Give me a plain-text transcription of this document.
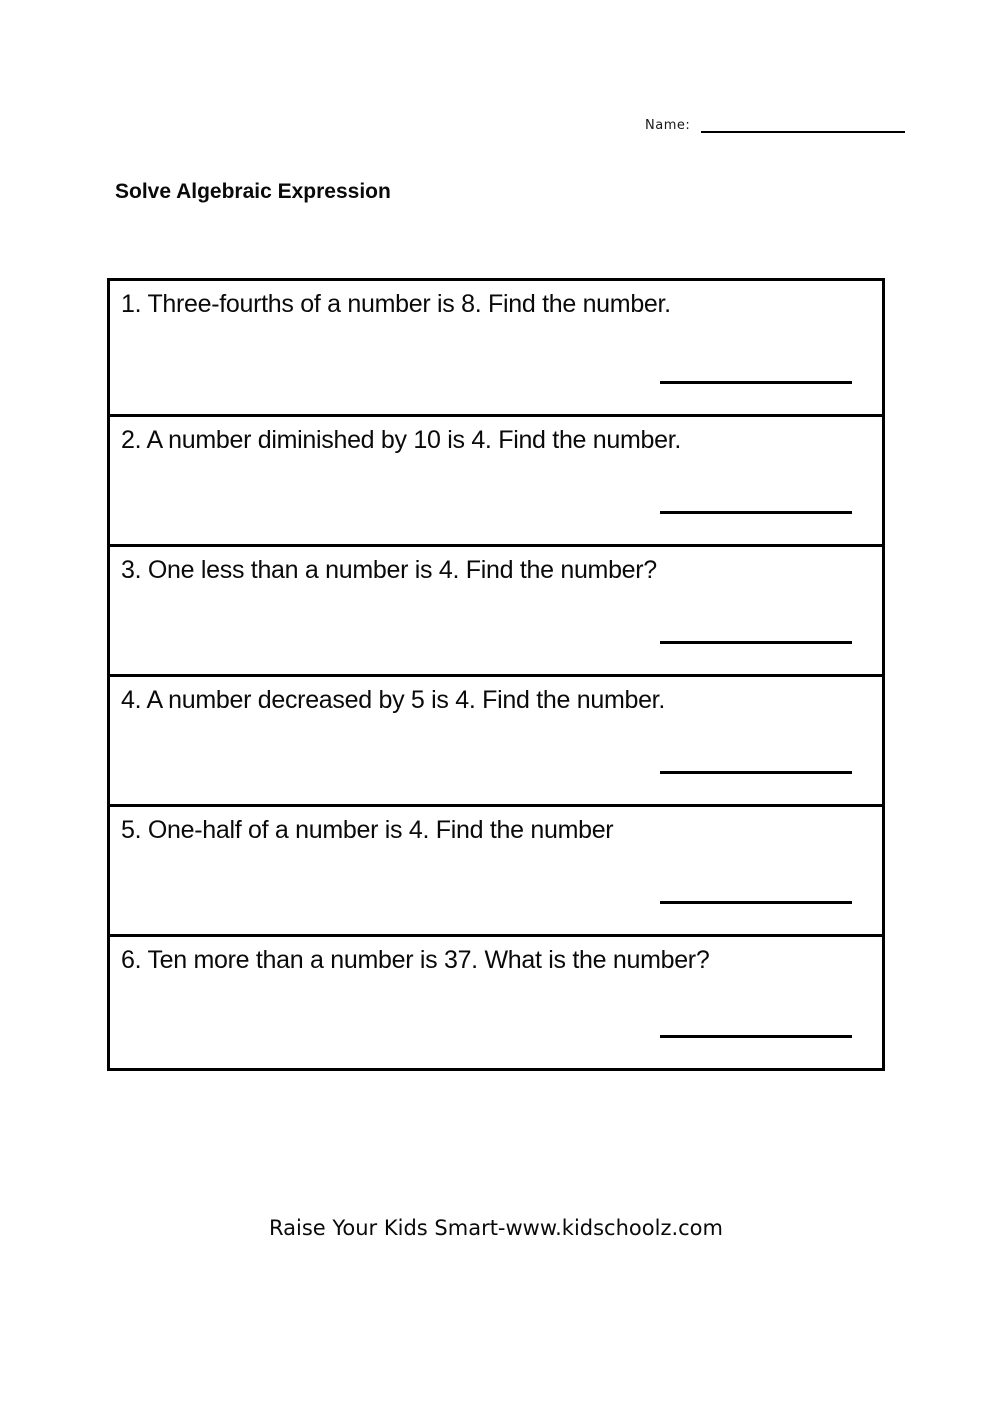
Name:
Solve Algebraic Expression
1. Three-fourths of a number is 8. Find the number.
2. A number diminished by 10 is 4. Find the number.
3. One less than a number is 4. Find the number?
4. A number decreased by 5 is 4. Find the number.
5. One-half of a number is 4. Find the number
6. Ten more than a number is 37. What is the number?
Raise Your Kids Smart-www.kidschoolz.com
